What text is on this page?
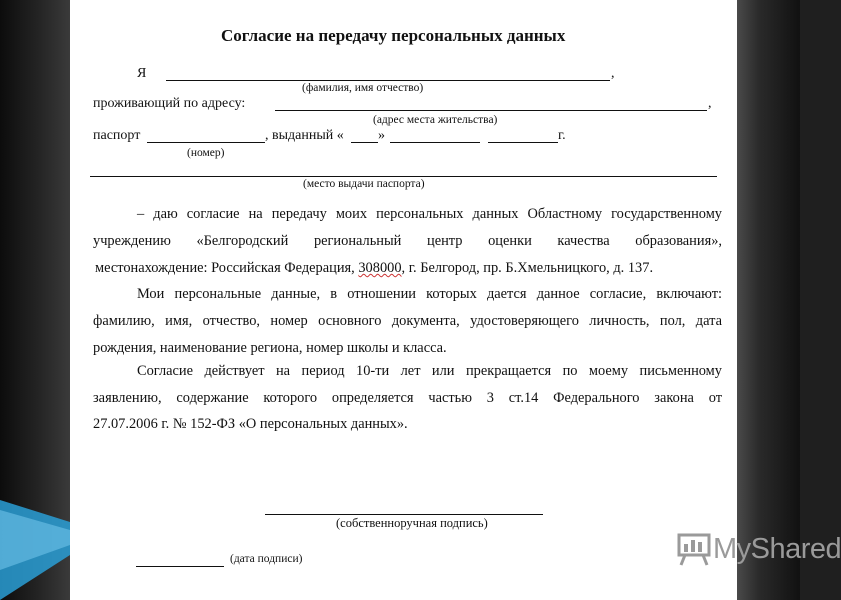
Согласие на передачу персональных данных
Я	,
(фамилия, имя отчество)
проживающий по адресу:	,
(адрес места жительства)
паспорт	, выданный « »	г.
(номер)
(место выдачи паспорта)
– даю согласие на передачу моих персональных данных Областному государственному
учреждению «Белгородский региональный центр оценки качества образования»,
местонахождение: Российская Федерация, 308000, г. Белгород, пр. Б.Хмельницкого, д. 137.
Мои персональные данные, в отношении которых дается данное согласие, включают:
фамилию, имя, отчество, номер основного документа, удостоверяющего личность, пол, дата
рождения, наименование региона, номер школы и класса.
Согласие действует на период 10-ти лет или прекращается по моему письменному
заявлению, содержание которого определяется частью 3 ст.14 Федерального закона от
27.07.2006 г. № 152-ФЗ «О персональных данных».
(собственноручная подпись)
(дата подписи)	MyShared
